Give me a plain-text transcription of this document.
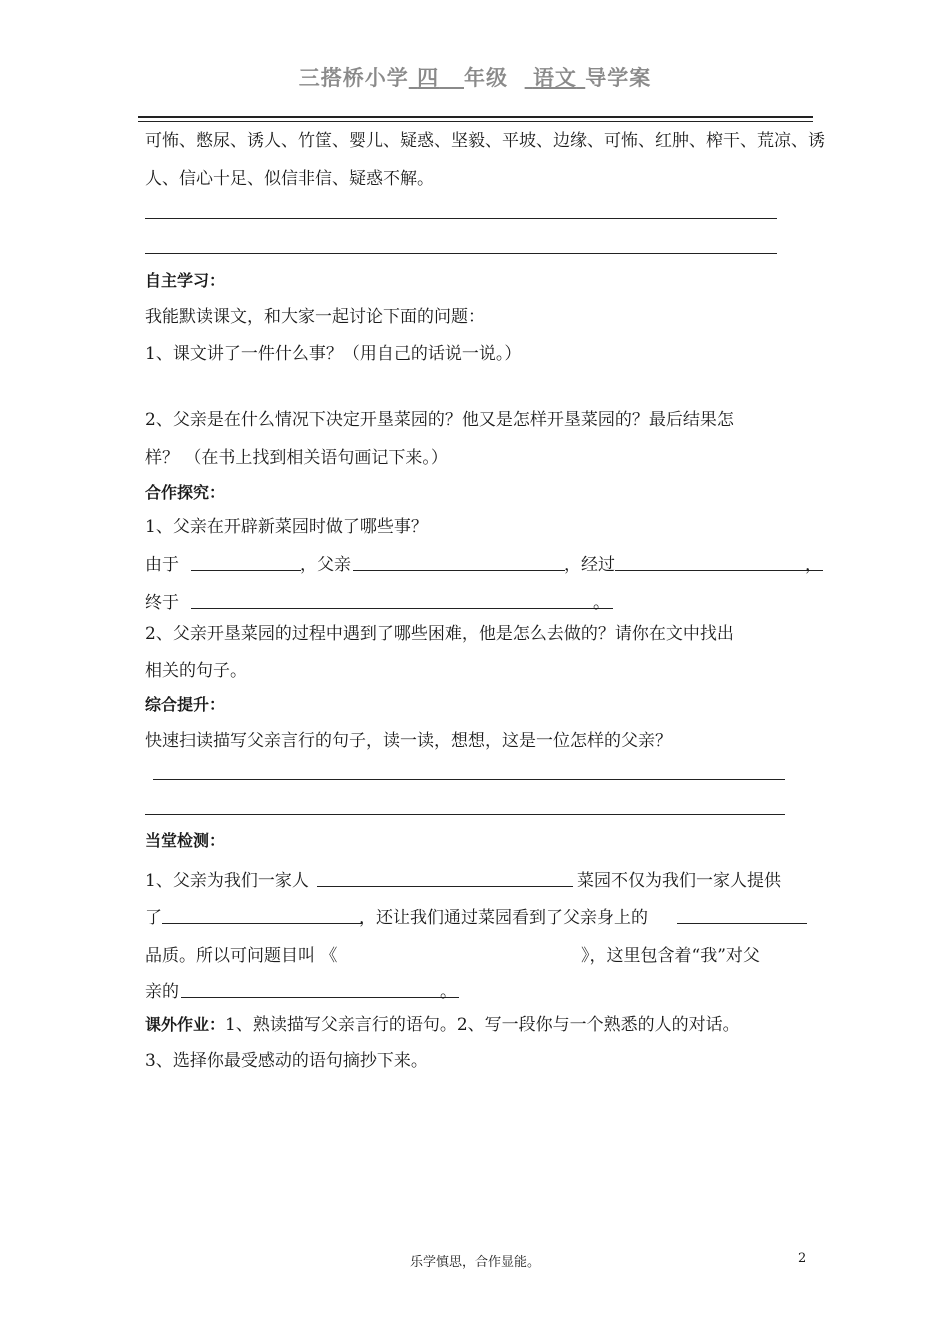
三搭桥小学 四 年级 语文 导学案
可怖、憋尿、诱人、竹筐、婴儿、疑惑、坚毅、平坡、边缘、可怖、红肿、榨干、荒凉、诱
人、信心十足、似信非信、疑惑不解。
自主学习：
我能默读课文，和大家一起讨论下面的问题：
1、课文讲了一件什么事？（用自己的话说一说。）
2、父亲是在什么情况下决定开垦菜园的？他又是怎样开垦菜园的？最后结果怎
样？ （在书上找到相关语句画记下来。）
合作探究：
1、父亲在开辟新菜园时做了哪些事？
由于	，父亲	，经过	，
终于	。
2、父亲开垦菜园的过程中遇到了哪些困难，他是怎么去做的？请你在文中找出
相关的句子。
综合提升：
快速扫读描写父亲言行的句子，读一读，想想，这是一位怎样的父亲？
当堂检测：
1、父亲为我们一家人	菜园不仅为我们一家人提供
了	，还让我们通过菜园看到了父亲身上的
品质。所以可问题目叫 《	》，这里包含着“我”对父
亲的	。
课外作业：1、熟读描写父亲言行的语句。2、写一段你与一个熟悉的人的对话。
3、选择你最受感动的语句摘抄下来。
乐学慎思，合作显能。	2
